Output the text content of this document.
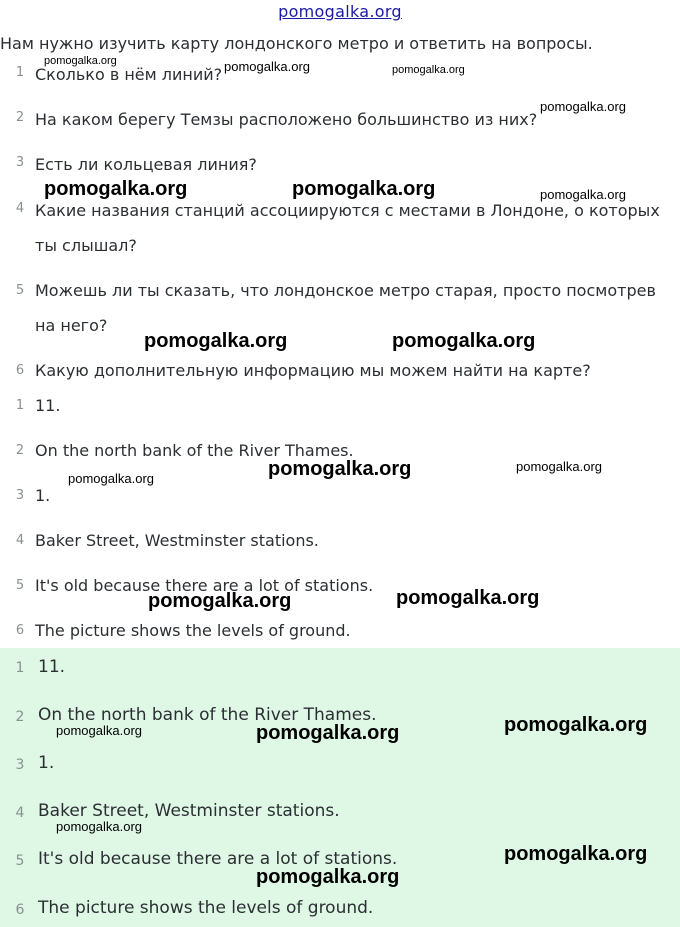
pomogalka.org
Нам нужно изучить карту лондонского метро и ответить на вопросы.
1 Сколько в нём линий?
2 На каком берегу Темзы расположено большинство из них?
3 Есть ли кольцевая линия?
4 Какие названия станций ассоциируются с местами в Лондоне, о которых
ты слышал?
5 Можешь ли ты сказать, что лондонское метро старая, просто посмотрев
на него?
6 Какую дополнительную информацию мы можем найти на карте?
1 11.
2 On the north bank of the River Thames.
3 1.
4 Baker Street, Westminster stations.
5 It's old because there are a lot of stations.
6 The picture shows the levels of ground.
1 11.
2 On the north bank of the River Thames.
3 1.
4 Baker Street, Westminster stations.
5 It's old because there are a lot of stations.
6 The picture shows the levels of ground.
pomogalka.org	pomogalka.org	pomogalka.org
pomogalka.org
pomogalka.org	pomogalka.org	pomogalka.org
pomogalka.org	pomogalka.org
pomogalka.org	pomogalka.org	pomogalka.org
pomogalka.org	pomogalka.org
pomogalka.org	pomogalka.org	pomogalka.org
pomogalka.org
pomogalka.org
pomogalka.org
